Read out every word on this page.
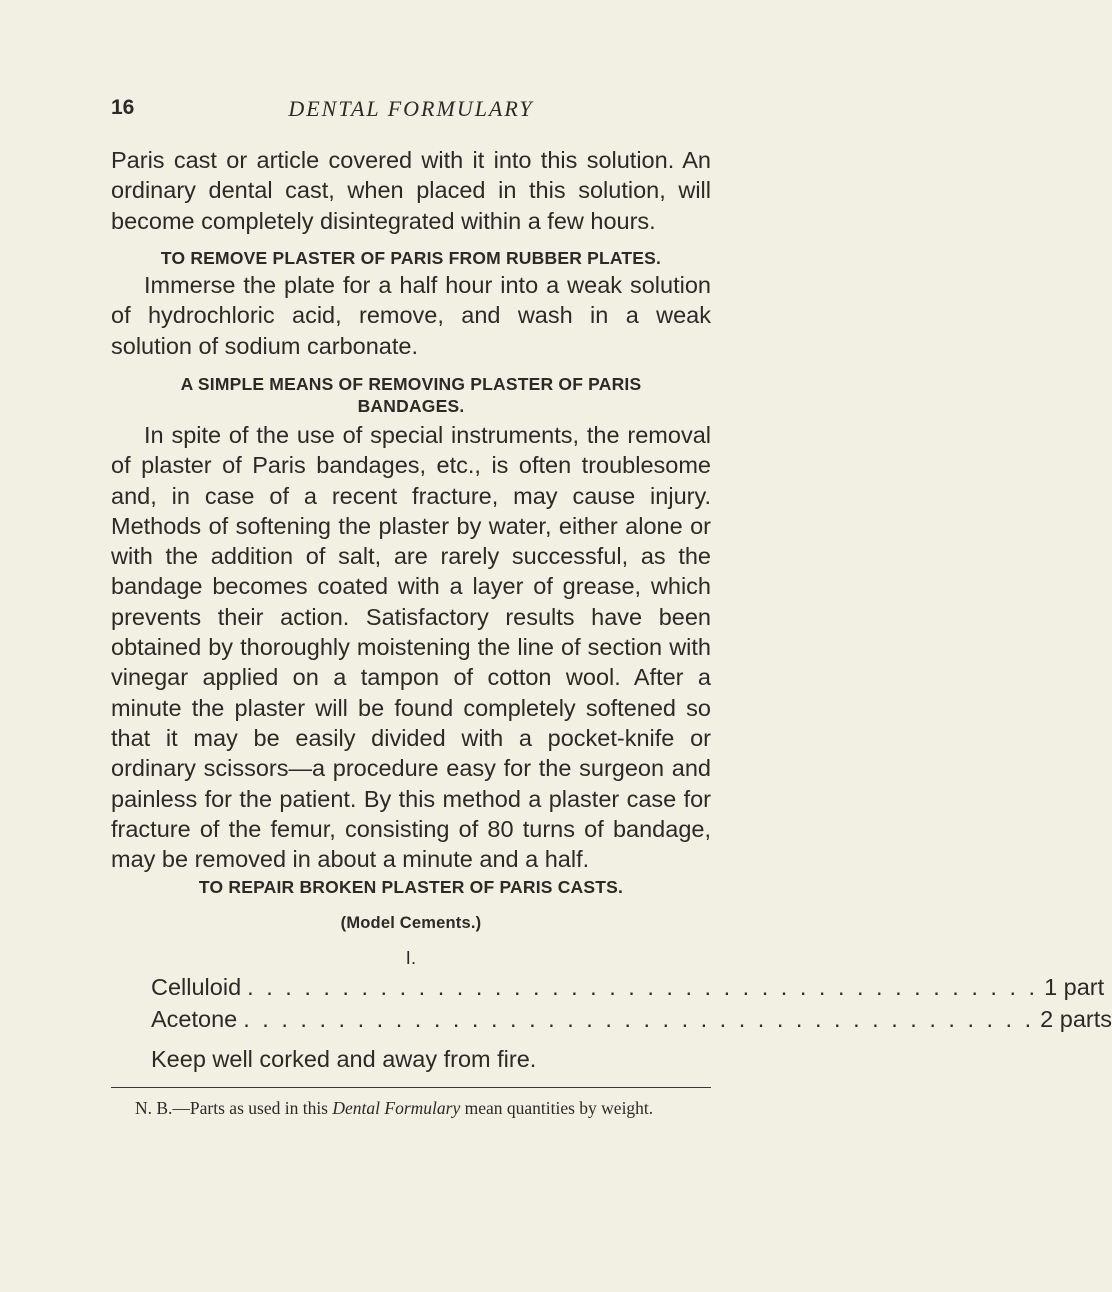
16	DENTAL FORMULARY

Paris cast or article covered with it into this solution. An ordinary dental cast, when placed in this solution, will become completely disintegrated within a few hours.

TO REMOVE PLASTER OF PARIS FROM RUBBER PLATES.

Immerse the plate for a half hour into a weak solution of hydrochloric acid, remove, and wash in a weak solution of sodium carbonate.

A SIMPLE MEANS OF REMOVING PLASTER OF PARIS
BANDAGES.

In spite of the use of special instruments, the removal of plaster of Paris bandages, etc., is often troublesome and, in case of a recent fracture, may cause injury. Methods of softening the plaster by water, either alone or with the addition of salt, are rarely successful, as the bandage becomes coated with a layer of grease, which prevents their action. Satisfactory results have been obtained by thoroughly moistening the line of section with vinegar applied on a tampon of cotton wool. After a minute the plaster will be found completely softened so that it may be easily divided with a pocket-knife or ordinary scissors—a procedure easy for the surgeon and painless for the patient. By this method a plaster case for fracture of the femur, consisting of 80 turns of bandage, may be removed in about a minute and a half.

TO REPAIR BROKEN PLASTER OF PARIS CASTS.
(Model Cements.)
I.
Celluloid . . . . . . . . . . . . . . . . . . . . . . . . . . . . . . . . . . . . . . . . . . 1 part
Acetone . . . . . . . . . . . . . . . . . . . . . . . . . . . . . . . . . . . . . . . . . . 2 parts

Keep well corked and away from fire.

N. B.—Parts as used in this Dental Formulary mean quantities by weight.
